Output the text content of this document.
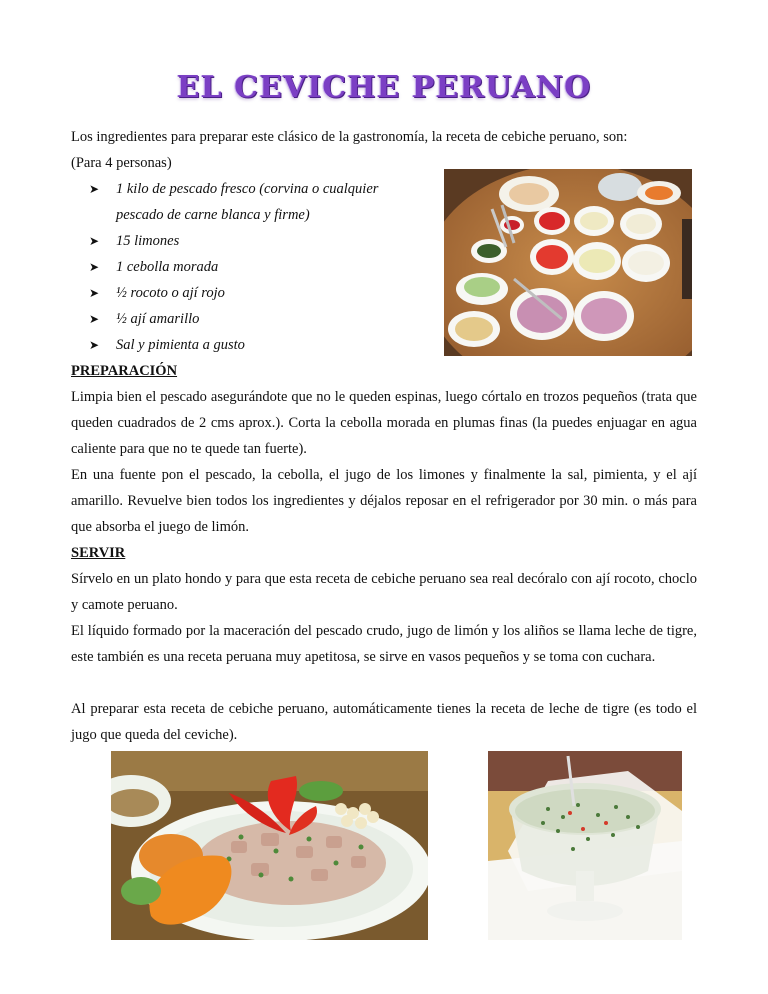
EL CEVICHE PERUANO
Los ingredientes para preparar este clásico de la gastronomía, la receta de cebiche peruano, son:
(Para 4 personas)
➤ 1 kilo de pescado fresco (corvina o cualquier pescado de carne blanca y firme)
➤ 15 limones
➤ 1 cebolla morada
➤ ½ rocoto o ají rojo
➤ ½ ají amarillo
➤ Sal y pimienta a gusto
PREPARACIÓN
Limpia bien el pescado asegurándote que no le queden espinas, luego córtalo en trozos pequeños (trata que queden cuadrados de 2 cms aprox.). Corta la cebolla morada en plumas finas (la puedes enjuagar en agua caliente para que no te quede tan fuerte).
En una fuente pon el pescado, la cebolla, el jugo de los limones y finalmente la sal, pimienta, y el ají amarillo. Revuelve bien todos los ingredientes y déjalos reposar en el refrigerador por 30 min. o más para que absorba el juego de limón.
SERVIR
Sírvelo en un plato hondo y para que esta receta de cebiche peruano sea real decóralo con ají rocoto, choclo y camote peruano.
El líquido formado por la maceración del pescado crudo, jugo de limón y los aliños se llama leche de tigre, este también es una receta peruana muy apetitosa, se sirve en vasos pequeños y se toma con cuchara.
Al preparar esta receta de cebiche peruano, automáticamente tienes la receta de leche de tigre (es todo el jugo que queda del ceviche).
